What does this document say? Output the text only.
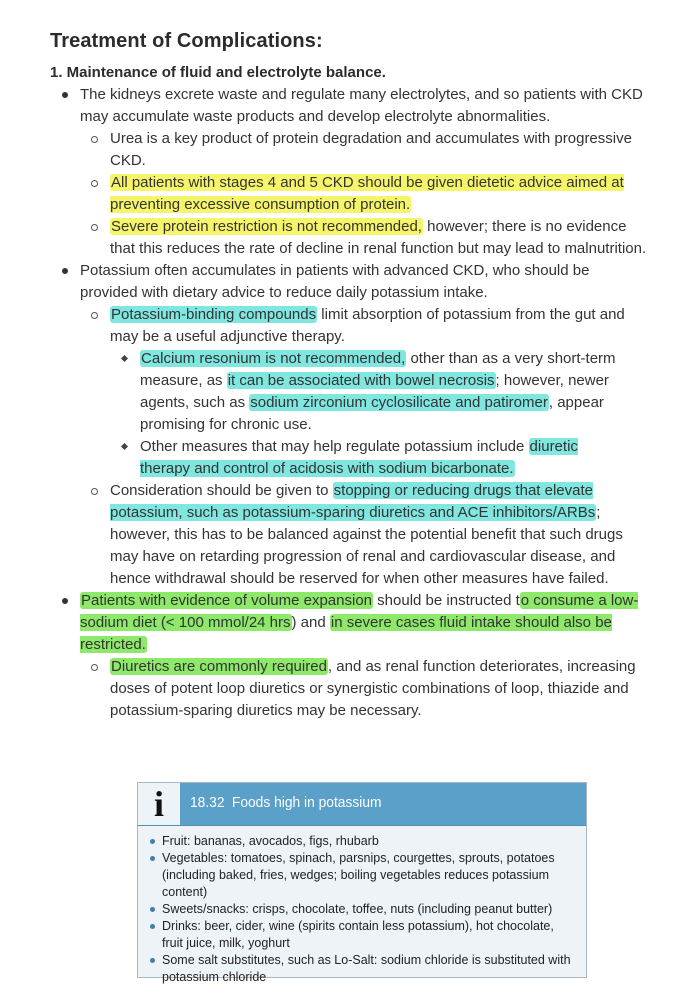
Treatment of Complications:
1. Maintenance of fluid and electrolyte balance.

The kidneys excrete waste and regulate many electrolytes, and so patients with CKD may accumulate waste products and develop electrolyte abnormalities.

Urea is a key product of protein degradation and accumulates with progressive CKD.

All patients with stages 4 and 5 CKD should be given dietetic advice aimed at preventing excessive consumption of protein.

Severe protein restriction is not recommended, however; there is no evidence that this reduces the rate of decline in renal function but may lead to malnutrition.

Potassium often accumulates in patients with advanced CKD, who should be provided with dietary advice to reduce daily potassium intake.

Potassium-binding compounds limit absorption of potassium from the gut and may be a useful adjunctive therapy.

Calcium resonium is not recommended, other than as a very short-term measure, as it can be associated with bowel necrosis; however, newer agents, such as sodium zirconium cyclosilicate and patiromer, appear promising for chronic use.

Other measures that may help regulate potassium include diuretic therapy and control of acidosis with sodium bicarbonate.

Consideration should be given to stopping or reducing drugs that elevate potassium, such as potassium-sparing diuretics and ACE inhibitors/ARBs; however, this has to be balanced against the potential benefit that such drugs may have on retarding progression of renal and cardiovascular disease, and hence withdrawal should be reserved for when other measures have failed.

Patients with evidence of volume expansion should be instructed to consume a low-sodium diet (< 100 mmol/24 hrs) and in severe cases fluid intake should also be restricted.

Diuretics are commonly required, and as renal function deteriorates, increasing doses of potent loop diuretics or synergistic combinations of loop, thiazide and potassium-sparing diuretics may be necessary.

i 18.32 Foods high in potassium

Fruit: bananas, avocados, figs, rhubarb

Vegetables: tomatoes, spinach, parsnips, courgettes, sprouts, potatoes (including baked, fries, wedges; boiling vegetables reduces potassium content)

Sweets/snacks: crisps, chocolate, toffee, nuts (including peanut butter)

Drinks: beer, cider, wine (spirits contain less potassium), hot chocolate, fruit juice, milk, yoghurt

Some salt substitutes, such as Lo-Salt: sodium chloride is substituted with potassium chloride
